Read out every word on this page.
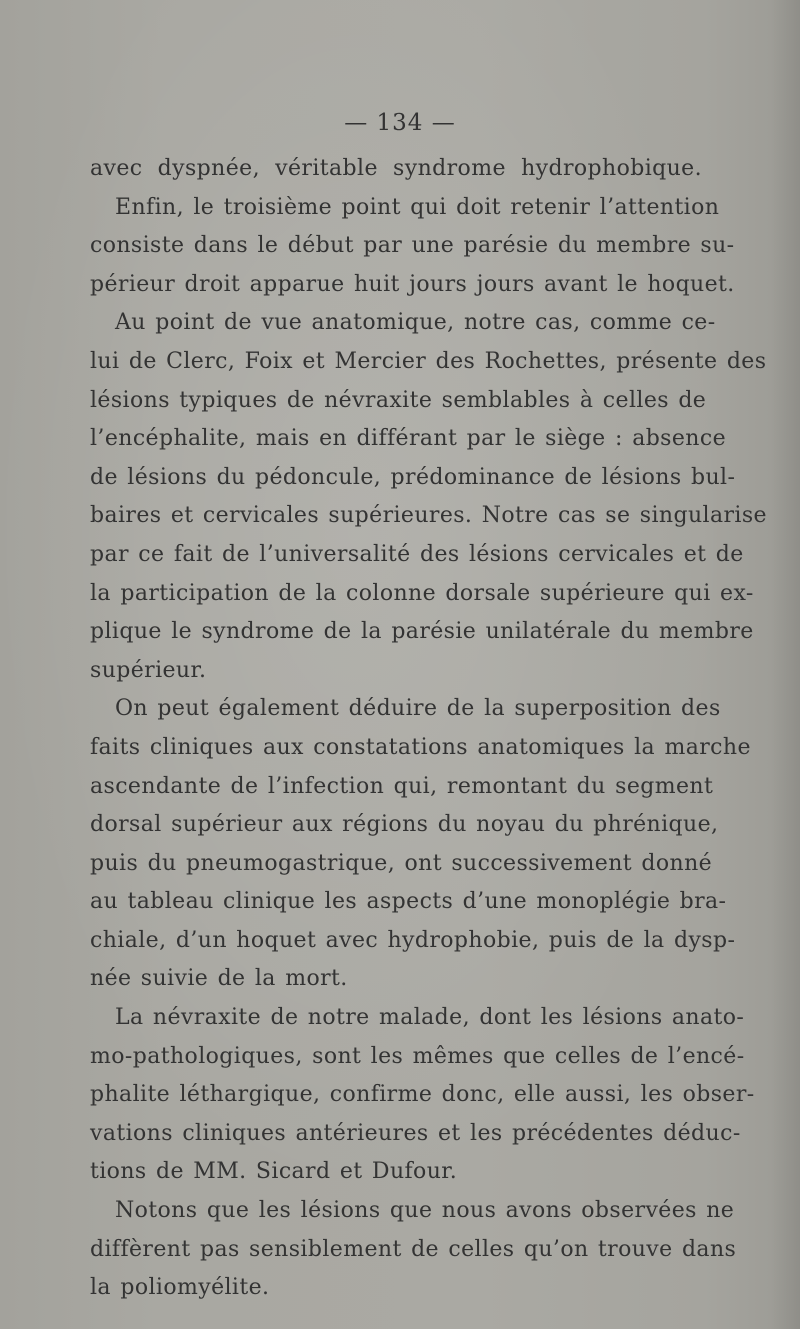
— 134 —
avec dyspnée, véritable syndrome hydrophobique.
Enfin, le troisième point qui doit retenir l’attention
consiste dans le début par une parésie du membre su-
périeur droit apparue huit jours jours avant le hoquet.
Au point de vue anatomique, notre cas, comme ce-
lui de Clerc, Foix et Mercier des Rochettes, présente des
lésions typiques de névraxite semblables à celles de
l’encéphalite, mais en différant par le siège : absence
de lésions du pédoncule, prédominance de lésions bul-
baires et cervicales supérieures. Notre cas se singularise
par ce fait de l’universalité des lésions cervicales et de
la participation de la colonne dorsale supérieure qui ex-
plique le syndrome de la parésie unilatérale du membre
supérieur.
On peut également déduire de la superposition des
faits cliniques aux constatations anatomiques la marche
ascendante de l’infection qui, remontant du segment
dorsal supérieur aux régions du noyau du phrénique,
puis du pneumogastrique, ont successivement donné
au tableau clinique les aspects d’une monoplégie bra-
chiale, d’un hoquet avec hydrophobie, puis de la dysp-
née suivie de la mort.
La névraxite de notre malade, dont les lésions anato-
mo-pathologiques, sont les mêmes que celles de l’encé-
phalite léthargique, confirme donc, elle aussi, les obser-
vations cliniques antérieures et les précédentes déduc-
tions de MM. Sicard et Dufour.
Notons que les lésions que nous avons observées ne
diffèrent pas sensiblement de celles qu’on trouve dans
la poliomyélite.
